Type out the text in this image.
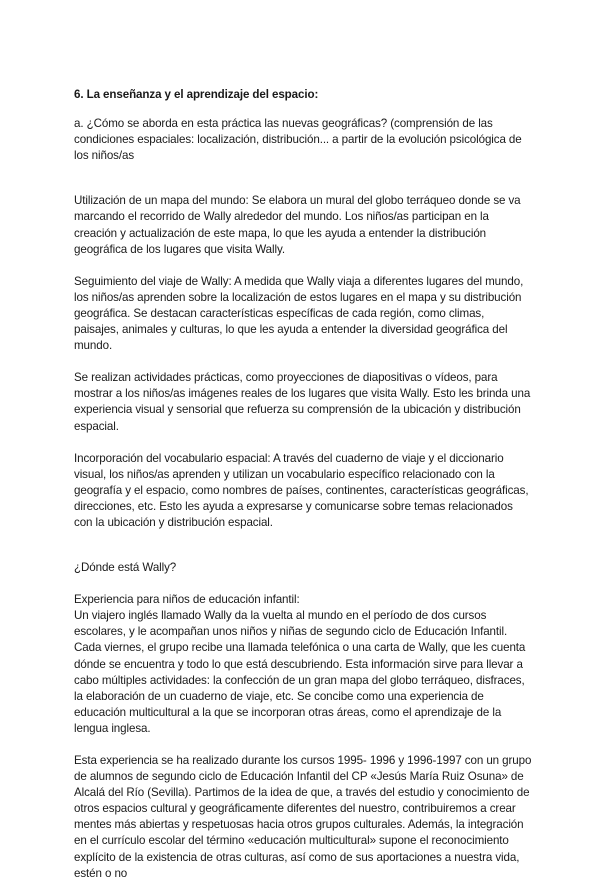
6. La enseñanza y el aprendizaje del espacio:

a. ¿Cómo se aborda en esta práctica las nuevas geográficas? (comprensión de las condiciones espaciales: localización, distribución... a partir de la evolución psicológica de los niños/as

Utilización de un mapa del mundo: Se elabora un mural del globo terráqueo donde se va marcando el recorrido de Wally alrededor del mundo. Los niños/as participan en la creación y actualización de este mapa, lo que les ayuda a entender la distribución geográfica de los lugares que visita Wally.

Seguimiento del viaje de Wally: A medida que Wally viaja a diferentes lugares del mundo, los niños/as aprenden sobre la localización de estos lugares en el mapa y su distribución geográfica. Se destacan características específicas de cada región, como climas, paisajes, animales y culturas, lo que les ayuda a entender la diversidad geográfica del mundo.

Se realizan actividades prácticas, como proyecciones de diapositivas o vídeos, para mostrar a los niños/as imágenes reales de los lugares que visita Wally. Esto les brinda una experiencia visual y sensorial que refuerza su comprensión de la ubicación y distribución espacial.

Incorporación del vocabulario espacial: A través del cuaderno de viaje y el diccionario visual, los niños/as aprenden y utilizan un vocabulario específico relacionado con la geografía y el espacio, como nombres de países, continentes, características geográficas, direcciones, etc. Esto les ayuda a expresarse y comunicarse sobre temas relacionados con la ubicación y distribución espacial.

¿Dónde está Wally?

Experiencia para niños de educación infantil:

Un viajero inglés llamado Wally da la vuelta al mundo en el período de dos cursos escolares, y le acompañan unos niños y niñas de segundo ciclo de Educación Infantil. Cada viernes, el grupo recibe una llamada telefónica o una carta de Wally, que les cuenta dónde se encuentra y todo lo que está descubriendo. Esta información sirve para llevar a cabo múltiples actividades: la confección de un gran mapa del globo terráqueo, disfraces, la elaboración de un cuaderno de viaje, etc. Se concibe como una experiencia de educación multicultural a la que se incorporan otras áreas, como el aprendizaje de la lengua inglesa.

Esta experiencia se ha realizado durante los cursos 1995- 1996 y 1996-1997 con un grupo de alumnos de segundo ciclo de Educación Infantil del CP «Jesús María Ruiz Osuna» de Alcalá del Río (Sevilla). Partimos de la idea de que, a través del estudio y conocimiento de otros espacios cultural y geográficamente diferentes del nuestro, contribuiremos a crear mentes más abiertas y respetuosas hacia otros grupos culturales. Además, la integración en el currículo escolar del término «educación multicultural» supone el reconocimiento explícito de la existencia de otras culturas, así como de sus aportaciones a nuestra vida, estén o no
